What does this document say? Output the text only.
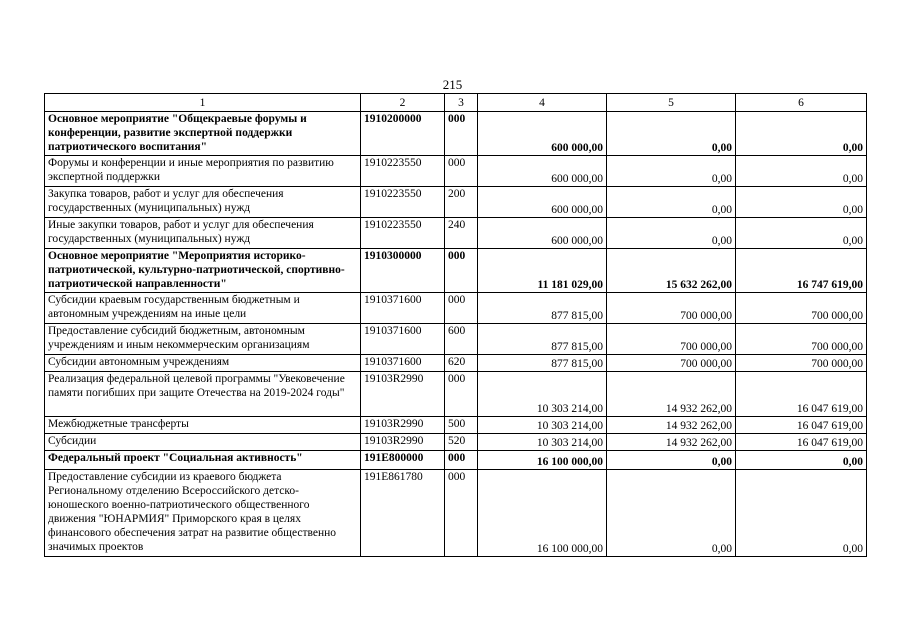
215
1	2	3	4	5	6
Основное мероприятие "Общекраевые форумы и конференции, развитие экспертной поддержки патриотического воспитания"	1910200000	000	600 000,00	0,00	0,00
Форумы и конференции и иные мероприятия по развитию экспертной поддержки	1910223550	000	600 000,00	0,00	0,00
Закупка товаров, работ и услуг для обеспечения государственных (муниципальных) нужд	1910223550	200	600 000,00	0,00	0,00
Иные закупки товаров, работ и услуг для обеспечения государственных (муниципальных) нужд	1910223550	240	600 000,00	0,00	0,00
Основное мероприятие "Мероприятия историко-патриотической, культурно-патриотической, спортивно-патриотической направленности"	1910300000	000	11 181 029,00	15 632 262,00	16 747 619,00
Субсидии краевым государственным бюджетным и автономным учреждениям на иные цели	1910371600	000	877 815,00	700 000,00	700 000,00
Предоставление субсидий бюджетным, автономным учреждениям и иным некоммерческим организациям	1910371600	600	877 815,00	700 000,00	700 000,00
Субсидии автономным учреждениям	1910371600	620	877 815,00	700 000,00	700 000,00
Реализация федеральной целевой программы "Увековечение памяти погибших при защите Отечества на 2019-2024 годы"	19103R2990	000	10 303 214,00	14 932 262,00	16 047 619,00
Межбюджетные трансферты	19103R2990	500	10 303 214,00	14 932 262,00	16 047 619,00
Субсидии	19103R2990	520	10 303 214,00	14 932 262,00	16 047 619,00
Федеральный проект "Социальная активность"	191E800000	000	16 100 000,00	0,00	0,00
Предоставление субсидии из краевого бюджета Региональному отделению Всероссийского детско-юношеского военно-патриотического общественного движения "ЮНАРМИЯ" Приморского края в целях финансового обеспечения затрат на развитие общественно значимых проектов	191E861780	000	16 100 000,00	0,00	0,00
